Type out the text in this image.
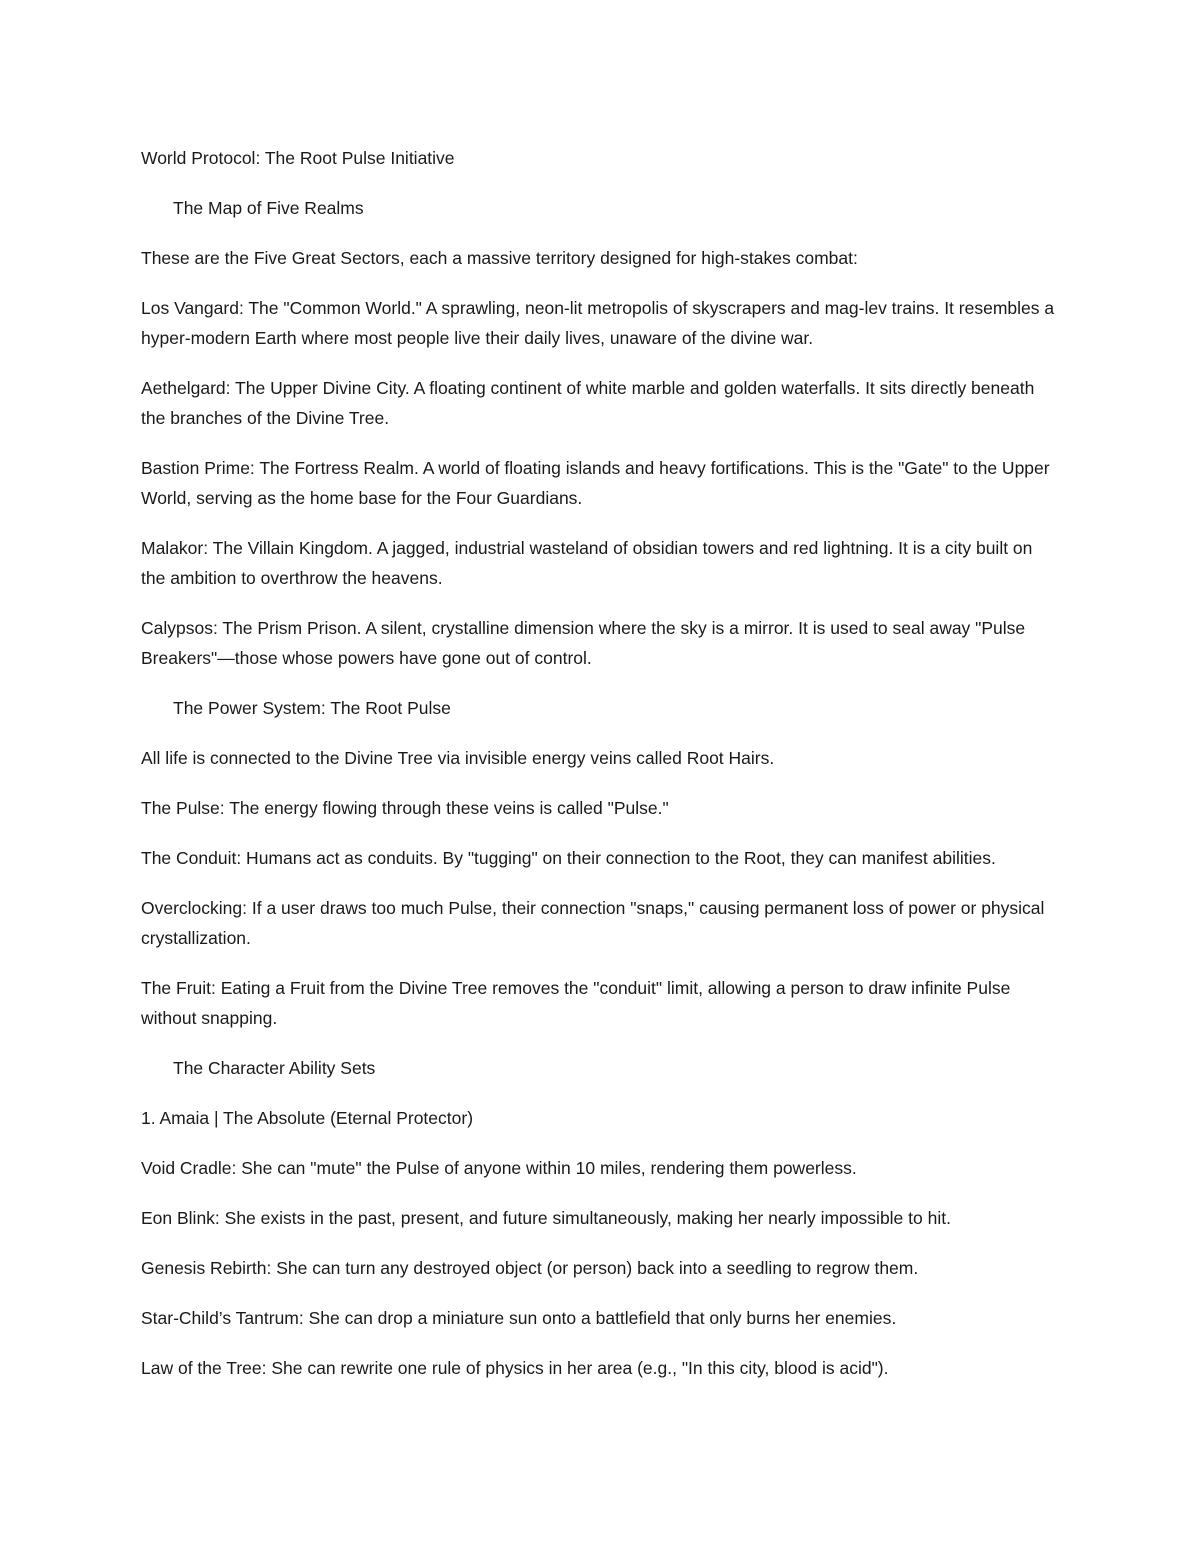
World Protocol: The Root Pulse Initiative

The Map of Five Realms

These are the Five Great Sectors, each a massive territory designed for high-stakes combat:

Los Vangard: The "Common World." A sprawling, neon-lit metropolis of skyscrapers and mag-lev trains. It resembles a hyper-modern Earth where most people live their daily lives, unaware of the divine war.

Aethelgard: The Upper Divine City. A floating continent of white marble and golden waterfalls. It sits directly beneath the branches of the Divine Tree.

Bastion Prime: The Fortress Realm. A world of floating islands and heavy fortifications. This is the "Gate" to the Upper World, serving as the home base for the Four Guardians.

Malakor: The Villain Kingdom. A jagged, industrial wasteland of obsidian towers and red lightning. It is a city built on the ambition to overthrow the heavens.

Calypsos: The Prism Prison. A silent, crystalline dimension where the sky is a mirror. It is used to seal away "Pulse Breakers"—those whose powers have gone out of control.

The Power System: The Root Pulse

All life is connected to the Divine Tree via invisible energy veins called Root Hairs.

The Pulse: The energy flowing through these veins is called "Pulse."

The Conduit: Humans act as conduits. By "tugging" on their connection to the Root, they can manifest abilities.

Overclocking: If a user draws too much Pulse, their connection "snaps," causing permanent loss of power or physical crystallization.

The Fruit: Eating a Fruit from the Divine Tree removes the "conduit" limit, allowing a person to draw infinite Pulse without snapping.

The Character Ability Sets

1. Amaia | The Absolute (Eternal Protector)

Void Cradle: She can "mute" the Pulse of anyone within 10 miles, rendering them powerless.

Eon Blink: She exists in the past, present, and future simultaneously, making her nearly impossible to hit.

Genesis Rebirth: She can turn any destroyed object (or person) back into a seedling to regrow them.

Star-Child’s Tantrum: She can drop a miniature sun onto a battlefield that only burns her enemies.

Law of the Tree: She can rewrite one rule of physics in her area (e.g., "In this city, blood is acid").
